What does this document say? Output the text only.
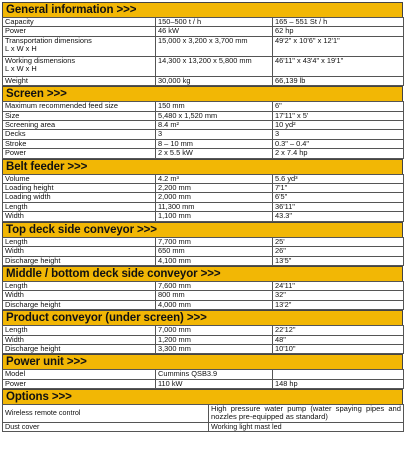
General information >>>
Capacity	150–500 t / h	165 – 551 St / h
Power	46 kW	62 hp
Transportation dimensions
L x W x H	15,000 x 3,200 x 3,700 mm	49'2" x 10'6" x 12'1"
Working dismensions
L x W x H	14,300 x 13,200 x 5,800 mm	46'11" x 43'4" x 19'1"
Weight	30,000 kg	66,139 lb
Screen >>>
Maximum recommended feed size	150 mm	6"
Size	5,480 x 1,520 mm	17'11" x 5'
Screening area	8.4 m²	10 yd²
Decks	3	3
Stroke	8 – 10 mm	0.3" – 0.4"
Power	2 x 5.5 kW	2 x 7.4 hp
Belt feeder >>>
Volume	4.2 m³	5.6 yd³
Loading height	2,200 mm	7'1"
Loading width	2,000 mm	6'5"
Length	11,300 mm	36'11"
Width	1,100 mm	43.3"
Top deck side conveyor >>>
Length	7,700 mm	25'
Width	650 mm	26"
Discharge height	4,100 mm	13'5"
Middle / bottom deck side conveyor >>>
Length	7,600 mm	24'11"
Width	800 mm	32"
Discharge height	4,000 mm	13'2"
Product conveyor (under screen) >>>
Length	7,000 mm	22'12"
Width	1,200 mm	48"
Discharge height	3,300 mm	10'10"
Power unit >>>
Model	Cummins QSB3.9	
Power	110 kW	148 hp
Options >>>
Wireless remote control	High pressure water pump (water spaying pipes and nozzles pre-equipped as standard)
Dust cover	Working light mast led
